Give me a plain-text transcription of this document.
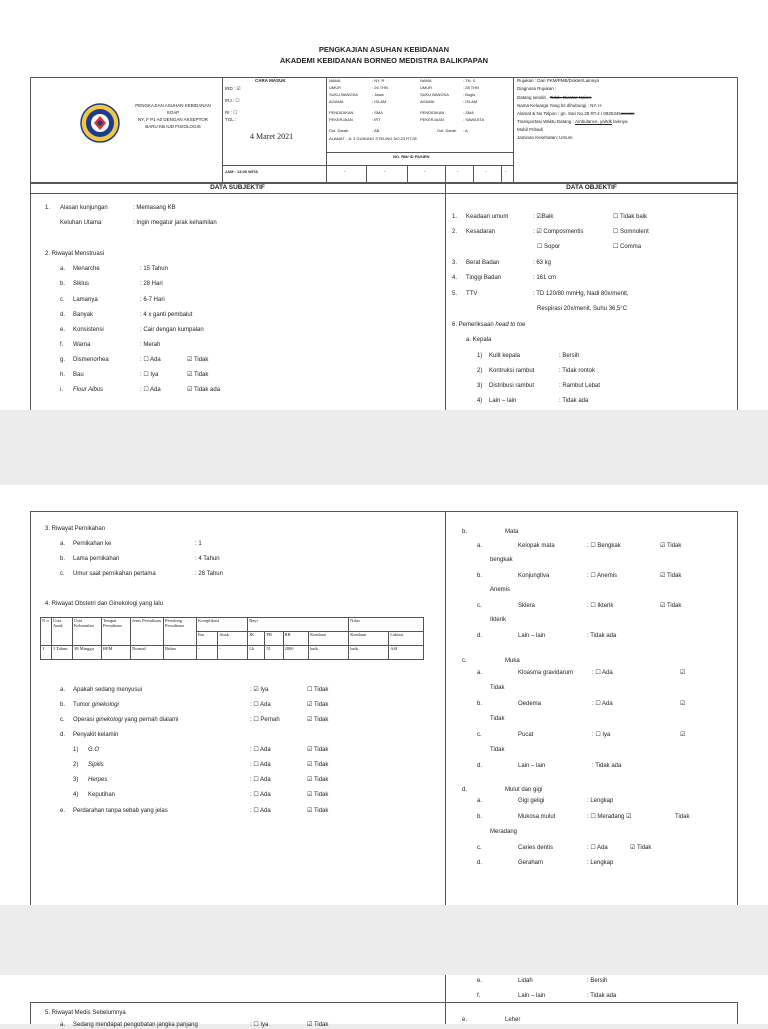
PENGKAJIAN ASUHAN KEBIDANAN
AKADEMI KEBIDANAN BORNEO MEDISTRA BALIKPAPAN
PENGKAJIAN ASUHAN KEBIDANAN
SOAP
NY. F P1 A0 DENGAN AKSEPTOR
BARU KB IUD FISIOLOGIS
CARA MASUK
IRD : ☑
IRJ : ☐
RI : ☐
TGL :
4 Maret 2021
JAM : 13.00 WITA
NAMA	: NY. R
UMUR	: 26 THN
SUKU BANGSA	: Jawa
AGAMA	: ISLAM
PENDIDIKAN	: SMA
PEKERJAAN	: IRT
Gol. Darah	: AB
NAMA	: TN. S
UMUR	: 28 THN
SUKU BANGSA	: Bugis
AGAMA	: ISLAM
PENDIDIKAN	: SMA
PEKERJAAN	: SAWASTA
Gol. Darah : A
ALAMAT : JL 3 GUNUNG STELING NO.23 RT.28
NO. RM/ ID PASIEN
-	-	-	-	-	-
Rujukan : Dari PKM/PMB/Dokter/Lainnya
Diagnosa Rujukan :
Datang sendiri , Tidak, Diantar Nakes
Nama Keluarga Yang bs dihubungi : NY. H
Alamat & No Telpon : gn. Sari No.28 RT.4 / 0825346xxxxxx
Transportasi Waktu Datang : Ambulance, ya/tdk lainnya
Mobil Pribadi
Jaminan Kesehatan: Umum
DATA SUBJEKTIF	DATA OBJEKTIF
1. Alasan kunjungan	: Memasang KB
Keluhan Utama	: Ingin megatur jarak kehamilan
2. Riwayat Menstruasi
a. Menarche	: 15 Tahun
b. Siklus	: 28 Hari
c. Lamanya	: 6-7 Hari
d. Banyak	: 4 x ganti pembalut
e. Konsistensi	: Cair dengan kumpalan
f. Warna	: Merah
g. Dismenorhea	: ☐ Ada	☑ Tidak
h. Bau	: ☐ Iya	☑ Tidak
i. Flour Albus	: ☐ Ada	☑ Tidak ada
1. Keadaan umum	: ☑Baik	☐ Tidak baik
2. Kesadaran	: ☑ Composmentis	☐ Somnolent
☐ Sopor	☐ Comma
3. Berat Badan	: 63 kg
4. Tinggi Badan	: 161 cm
5. TTV	: TD 120/80 mmHg, Nadi 80x/menit,
Respirasi 20x/menit, Suhu 36,5°C
6. Pemeriksaan head to toe
a. Kepala
1) Kulit kepala	: Bersih
2) Kontruksi rambut	: Tidak rontok
3) Distribusi rambut	: Rambut Lebat
4) Lain – lain	: Tidak ada
3. Riwayat Pernikahan
a. Pernikahan ke	: 1
b. Lama pernikahan	: 4 Tahun
c. Umur saat pernikahan pertama	: 28 Tahun
4. Riwayat Obstetri dan Ginekologi yang lalu
N o	Usia Anak	Usia Kehamilan	Tempat Persalinan	Jenis Persalinan	Penolong Persalinan	Komplikasi		Bayi				Nifas	
						Ibu	Anak	JK	PB	BB	Keadaan	Keadaan	Laktasi
1	1 Tahun	38 Minggu	BPM	Normal	Bidan	-	-	Lk	51	2800	baik	baik	ASI
a. Apakah sedang menyusui	: ☑ Iya	☐ Tidak
b. Tumor ginekologi	: ☐ Ada	☑ Tidak
c. Operasi ginekologi yang pernah dialami	: ☐ Pernah	☑ Tidak
d. Penyakit kelamin
1) G.O	: ☐ Ada	☑ Tidak
2) Sipilis	: ☐ Ada	☑ Tidak
3) Herpes	: ☐ Ada	☑ Tidak
4) Keputihan	: ☐ Ada	☑ Tidak
e. Perdarahan tanpa sebab yang jelas	: ☐ Ada	☑ Tidak
b.	Mata
a.	Kelopak mata	: ☐ Bengkak	☑ Tidak
bengkak
b.	Konjungtiva	: ☐ Anemis	☑ Tidak
Anemis
c.	Sklera	: ☐ Ikterik	☑ Tidak
Ikterik
d.	Lain – lain	: Tidak ada
c.	Muka
a.	Kloasma gravidarum	: ☐ Ada	☑
Tidak
b.	Oedema	: ☐ Ada	☑
Tidak
c.	Pucat	: ☐ Iya	☑
Tidak
d.	Lain – lain	: Tidak ada
d.	Mulut dan gigi
a.	Gigi geligi	: Lengkap
b.	Mukosa mulut	: ☐ Meradang ☑	Tidak
Meradang
c.	Caries dentis	: ☐ Ada	☑ Tidak
d.	Geraham	: Lengkap
5. Riwayat Medis Sebelumnya
a. Sedang mendapat pengobatan jangka panjang	: ☐ Iya	☑ Tidak
e.	Lidah	: Bersih
f.	Lain – lain	: Tidak ada
e.	Leher
